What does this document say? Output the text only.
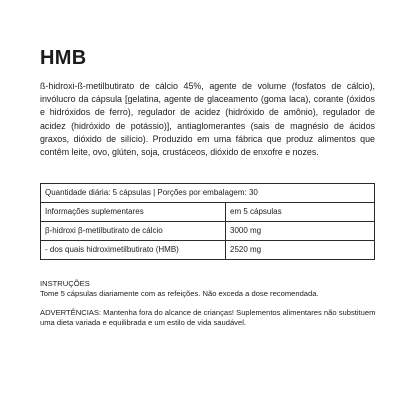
HMB

ß-hidroxi-ß-metilbutirato de cálcio 45%, agente de volume (fosfatos de cálcio), invólucro da cápsula [gelatina, agente de glaceamento (goma laca), corante (óxidos e hidróxidos de ferro), regulador de acidez (hidróxido de amônio), regulador de acidez (hidróxido de potássio)], antiaglomerantes (sais de magnésio de ácidos graxos, dióxido de silício). Produzido em uma fábrica que produz alimentos que contêm leite, ovo, glúten, soja, crustáceos, dióxido de enxofre e nozes.

Quantidade diária: 5 cápsulas | Porções por embalagem: 30
Informações suplementares	em 5 cápsulas
β-hidroxi β-metilbutirato de cálcio	3000 mg
- dos quais hidroximetilbutirato (HMB)	2520 mg
INSTRUÇÕES
Tome 5 cápsulas diariamente com as refeições. Não exceda a dose recomendada.
ADVERTÊNCIAS: Mantenha fora do alcance de crianças! Suplementos alimentares não substituem uma dieta variada e equilibrada e um estilo de vida saudável.
